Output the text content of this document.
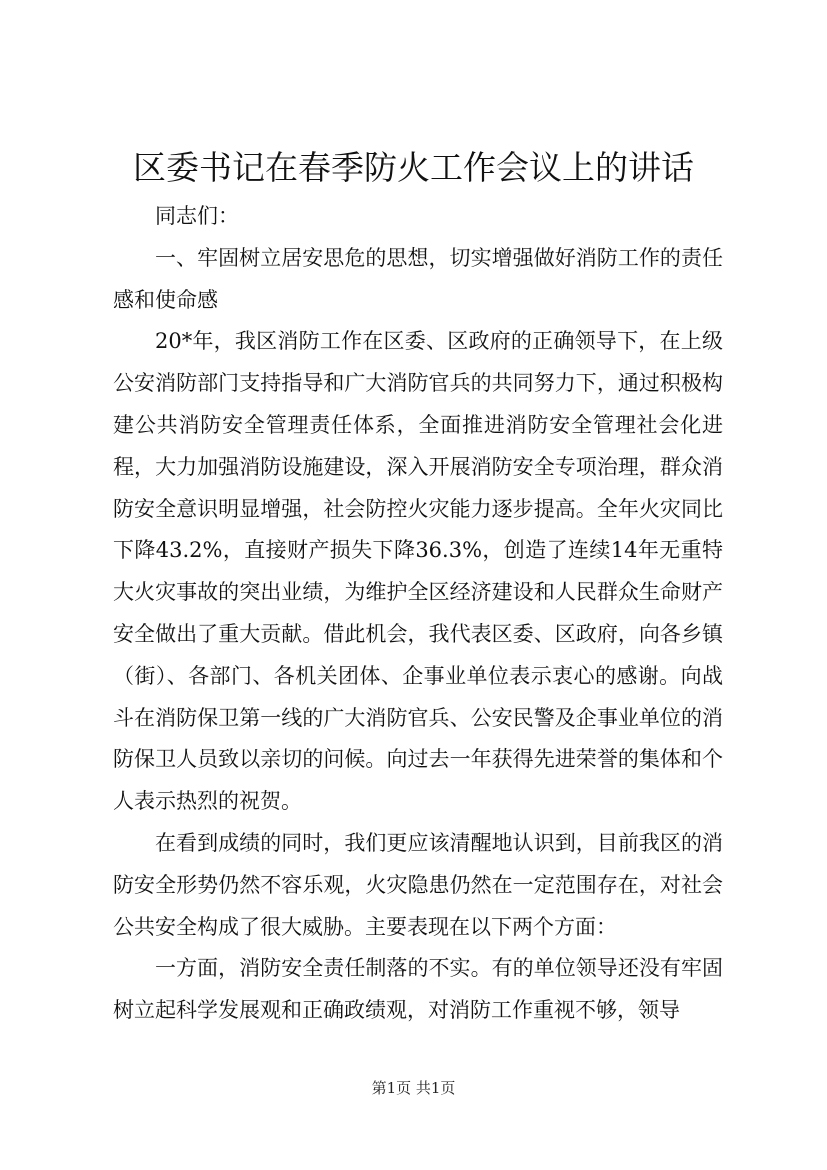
区委书记在春季防火工作会议上的讲话

同志们：

一、牢固树立居安思危的思想，切实增强做好消防工作的责任感和使命感

20*年，我区消防工作在区委、区政府的正确领导下，在上级公安消防部门支持指导和广大消防官兵的共同努力下，通过积极构建公共消防安全管理责任体系，全面推进消防安全管理社会化进程，大力加强消防设施建设，深入开展消防安全专项治理，群众消防安全意识明显增强，社会防控火灾能力逐步提高。全年火灾同比下降43.2%，直接财产损失下降36.3%，创造了连续14年无重特大火灾事故的突出业绩，为维护全区经济建设和人民群众生命财产安全做出了重大贡献。借此机会，我代表区委、区政府，向各乡镇（街）、各部门、各机关团体、企事业单位表示衷心的感谢。向战斗在消防保卫第一线的广大消防官兵、公安民警及企事业单位的消防保卫人员致以亲切的问候。向过去一年获得先进荣誉的集体和个人表示热烈的祝贺。

在看到成绩的同时，我们更应该清醒地认识到，目前我区的消防安全形势仍然不容乐观，火灾隐患仍然在一定范围存在，对社会公共安全构成了很大威胁。主要表现在以下两个方面：

一方面，消防安全责任制落的不实。有的单位领导还没有牢固树立起科学发展观和正确政绩观，对消防工作重视不够，领导

第1页 共1页
